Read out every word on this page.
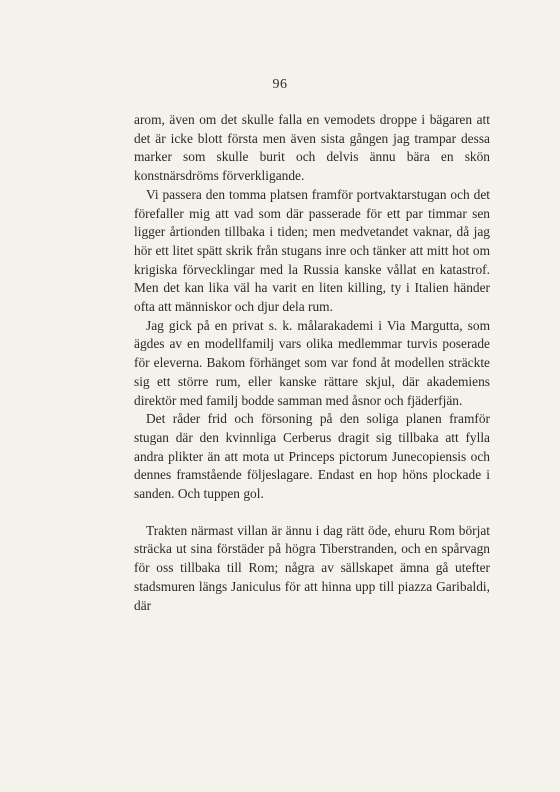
96

arom, även om det skulle falla en vemodets droppe i bägaren att det är icke blott första men även sista gången jag trampar dessa marker som skulle burit och delvis ännu bära en skön konstnärsdröms förverkligande.

Vi passera den tomma platsen framför portvaktarstugan och det förefaller mig att vad som där passerade för ett par timmar sen ligger årtionden tillbaka i tiden; men medvetandet vaknar, då jag hör ett litet spätt skrik från stugans inre och tänker att mitt hot om krigiska förvecklingar med la Russia kanske vållat en katastrof. Men det kan lika väl ha varit en liten killing, ty i Italien händer ofta att människor och djur dela rum.

Jag gick på en privat s. k. målarakademi i Via Margutta, som ägdes av en modellfamilj vars olika medlemmar turvis poserade för eleverna. Bakom förhänget som var fond åt modellen sträckte sig ett större rum, eller kanske rättare skjul, där akademiens direktör med familj bodde samman med åsnor och fjäderfjän.

Det råder frid och försoning på den soliga planen framför stugan där den kvinnliga Cerberus dragit sig tillbaka att fylla andra plikter än att mota ut Princeps pictorum Junecopiensis och dennes framstående följeslagare. Endast en hop höns plockade i sanden. Och tuppen gol.

Trakten närmast villan är ännu i dag rätt öde, ehuru Rom börjat sträcka ut sina förstäder på högra Tiberstranden, och en spårvagn för oss tillbaka till Rom; några av sällskapet ämna gå utefter stadsmuren längs Janiculus för att hinna upp till piazza Garibaldi, där
